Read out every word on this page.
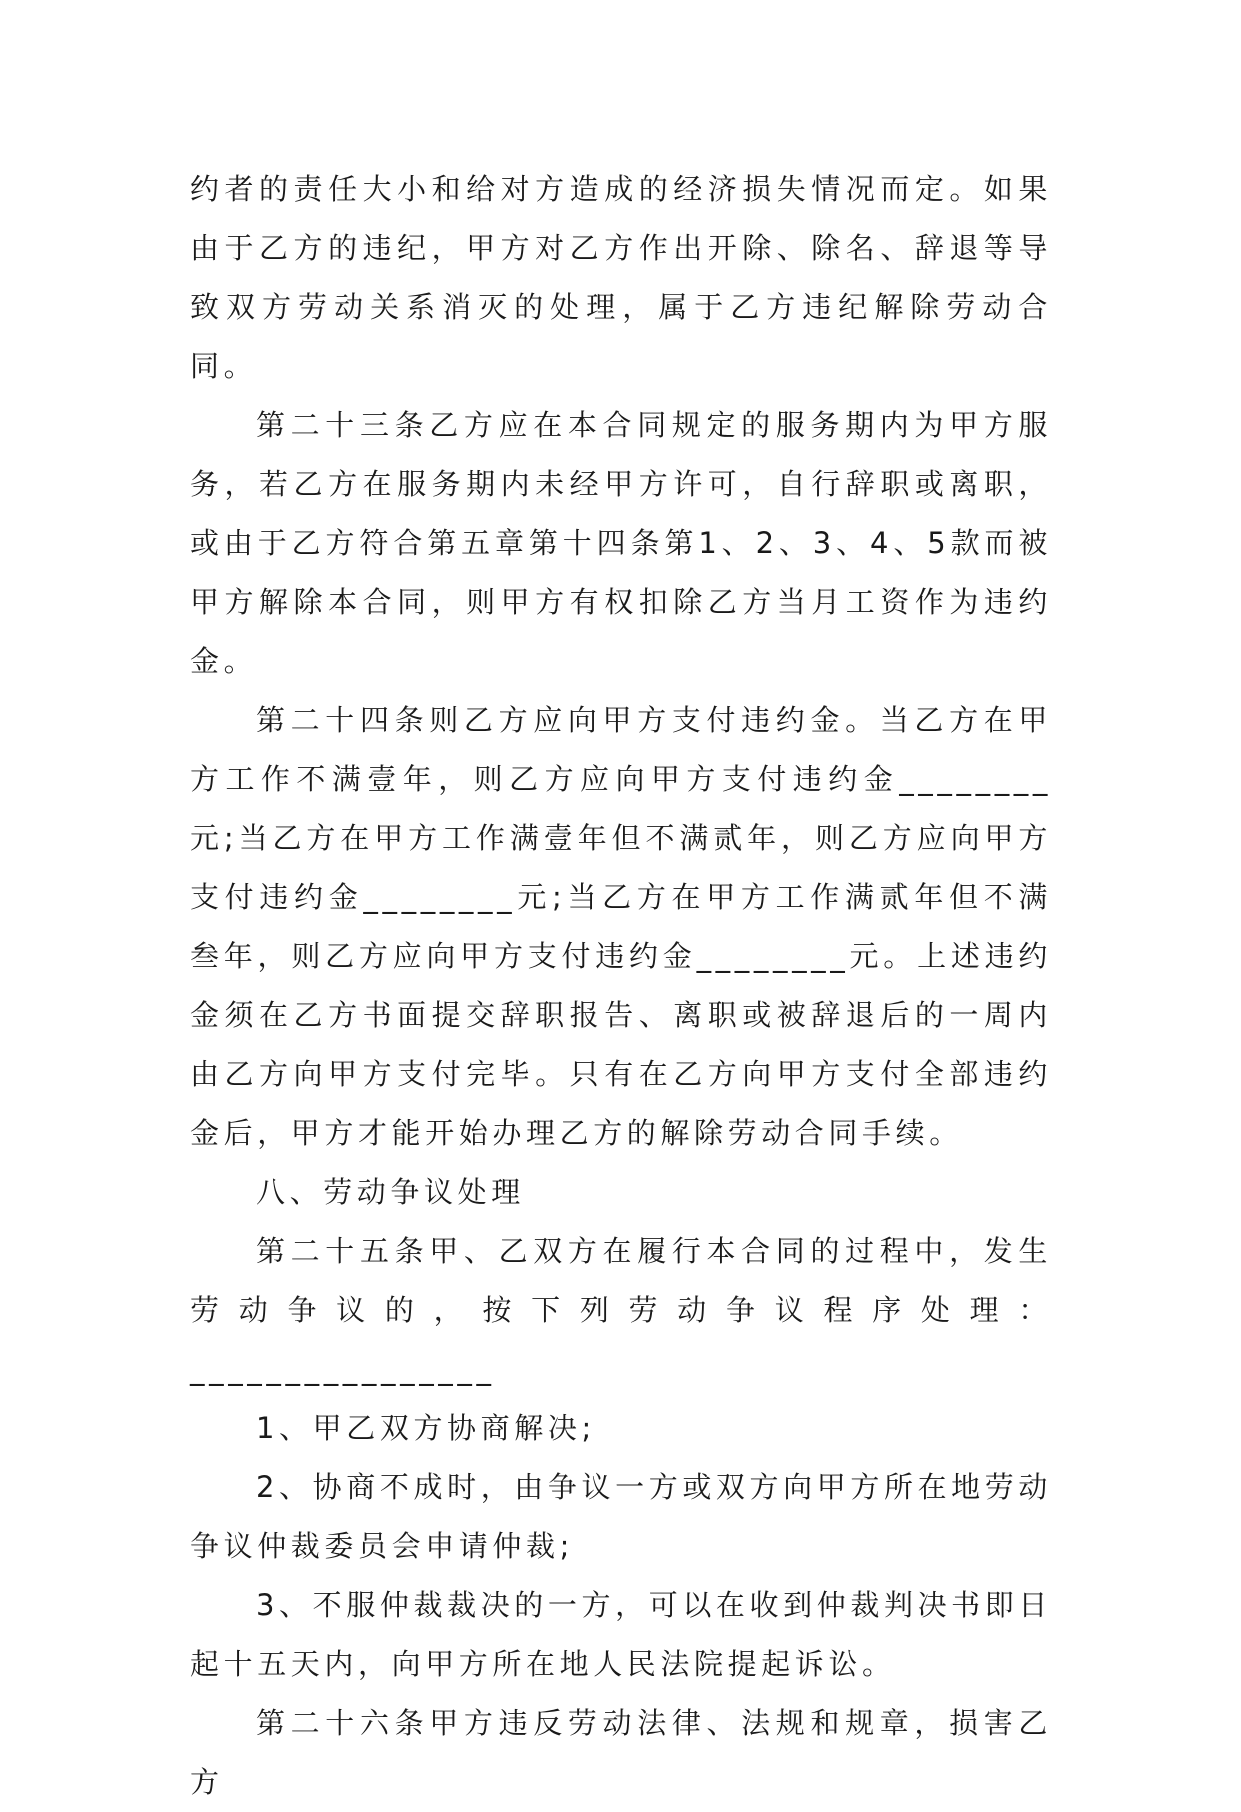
约者的责任大小和给对方造成的经济损失情况而定。如果由于乙方的违纪，甲方对乙方作出开除、除名、辞退等导致双方劳动关系消灭的处理，属于乙方违纪解除劳动合同。

第二十三条乙方应在本合同规定的服务期内为甲方服务，若乙方在服务期内未经甲方许可，自行辞职或离职，或由于乙方符合第五章第十四条第1、2、3、4、5款而被甲方解除本合同，则甲方有权扣除乙方当月工资作为违约金。

第二十四条则乙方应向甲方支付违约金。当乙方在甲方工作不满壹年，则乙方应向甲方支付违约金________元;当乙方在甲方工作满壹年但不满贰年，则乙方应向甲方支付违约金________元;当乙方在甲方工作满贰年但不满叁年，则乙方应向甲方支付违约金________元。上述违约金须在乙方书面提交辞职报告、离职或被辞退后的一周内由乙方向甲方支付完毕。只有在乙方向甲方支付全部违约金后，甲方才能开始办理乙方的解除劳动合同手续。

八、劳动争议处理

第二十五条甲、乙双方在履行本合同的过程中，发生劳动争议的，按下列劳动争议程序处理：________________

1、甲乙双方协商解决;

2、协商不成时，由争议一方或双方向甲方所在地劳动争议仲裁委员会申请仲裁;

3、不服仲裁裁决的一方，可以在收到仲裁判决书即日起十五天内，向甲方所在地人民法院提起诉讼。

第二十六条甲方违反劳动法律、法规和规章，损害乙方
